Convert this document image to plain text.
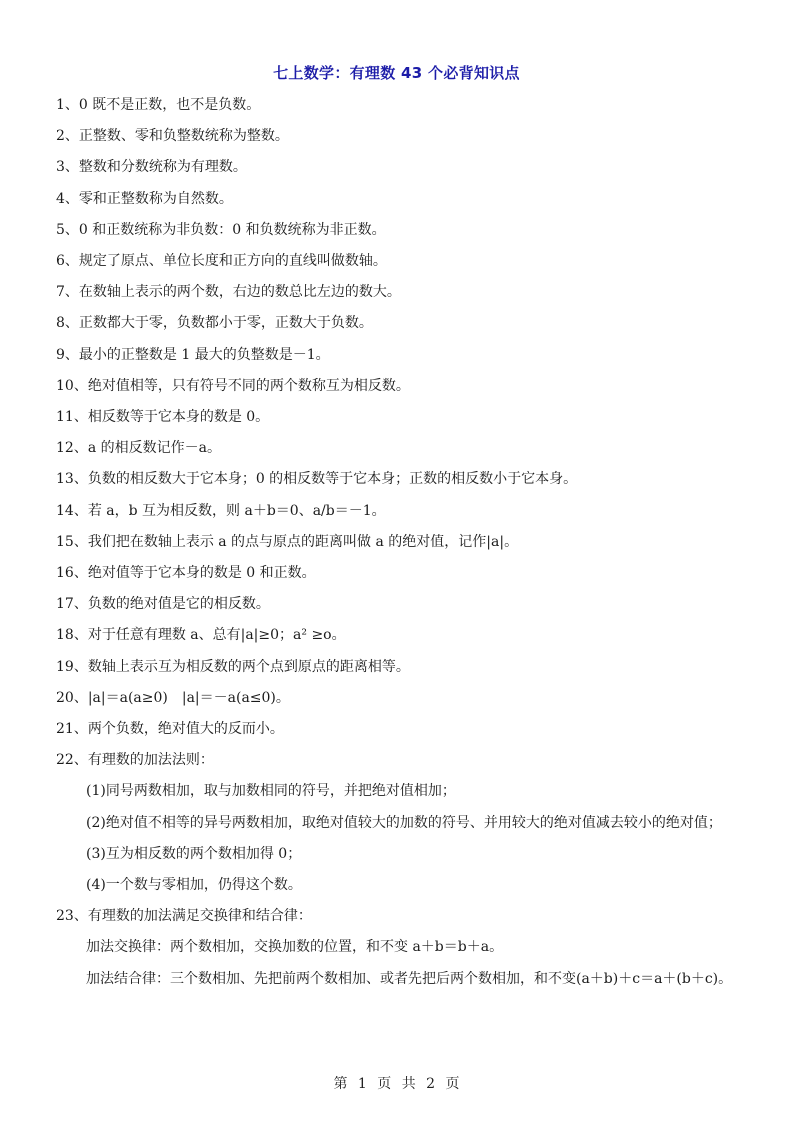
七上数学：有理数 43 个必背知识点
1、0 既不是正数，也不是负数。
2、正整数、零和负整数统称为整数。
3、整数和分数统称为有理数。
4、零和正整数称为自然数。
5、0 和正数统称为非负数：0 和负数统称为非正数。
6、规定了原点、单位长度和正方向的直线叫做数轴。
7、在数轴上表示的两个数，右边的数总比左边的数大。
8、正数都大于零，负数都小于零，正数大于负数。
9、最小的正整数是 1 最大的负整数是－1。
10、绝对值相等，只有符号不同的两个数称互为相反数。
11、相反数等于它本身的数是 0。
12、a 的相反数记作－a。
13、负数的相反数大于它本身；0 的相反数等于它本身；正数的相反数小于它本身。
14、若 a，b 互为相反数，则 a＋b＝0、a/b＝－1。
15、我们把在数轴上表示 a 的点与原点的距离叫做 a 的绝对值，记作|a|。
16、绝对值等于它本身的数是 0 和正数。
17、负数的绝对值是它的相反数。
18、对于任意有理数 a、总有|a|≥0；a² ≥o。
19、数轴上表示互为相反数的两个点到原点的距离相等。
20、|a|＝a(a≥0)　|a|＝－a(a≤0)。
21、两个负数，绝对值大的反而小。
22、有理数的加法法则：
(1)同号两数相加，取与加数相同的符号，并把绝对值相加；
(2)绝对值不相等的异号两数相加，取绝对值较大的加数的符号、并用较大的绝对值减去较小的绝对值；
(3)互为相反数的两个数相加得 0；
(4)一个数与零相加，仍得这个数。
23、有理数的加法满足交换律和结合律：
加法交换律：两个数相加，交换加数的位置，和不变 a＋b＝b＋a。
加法结合律：三个数相加、先把前两个数相加、或者先把后两个数相加，和不变(a＋b)＋c＝a＋(b＋c)。
第 1 页 共 2 页
